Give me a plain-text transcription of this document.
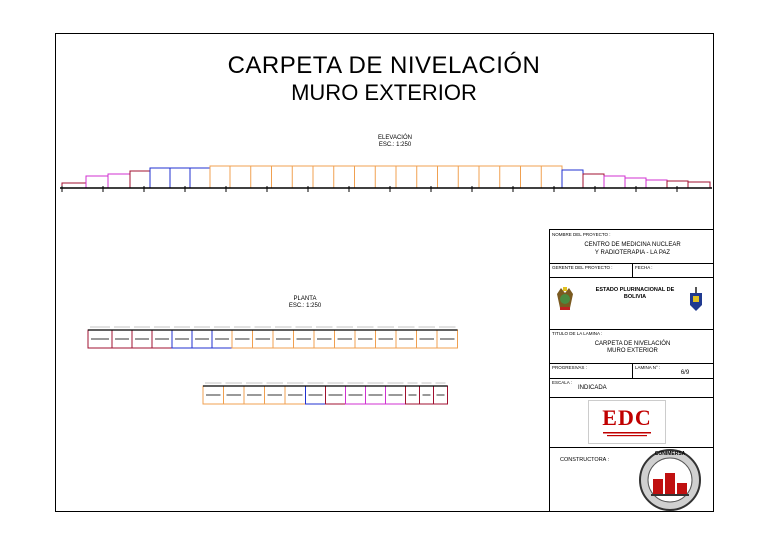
CARPETA DE NIVELACIÓN
MURO EXTERIOR
ELEVACIÓN
ESC.: 1:250
PLANTA
ESC.: 1:250
NOMBRE DEL PROYECTO :
CENTRO DE MEDICINA NUCLEAR
Y RADIOTERAPIA - LA PAZ
GERENTE DEL PROYECTO :	FECHA :
ESTADO PLURINACIONAL DE
BOLIVIA
TITULO DE LA LAMINA :
CARPETA DE NIVELACIÓN
MURO EXTERIOR
PROGRESIVAS :	LAMINA N° :
6/9
ESCALA :
INDICADA
EDC
CONSTRUCTORA :
CONIMERSA
